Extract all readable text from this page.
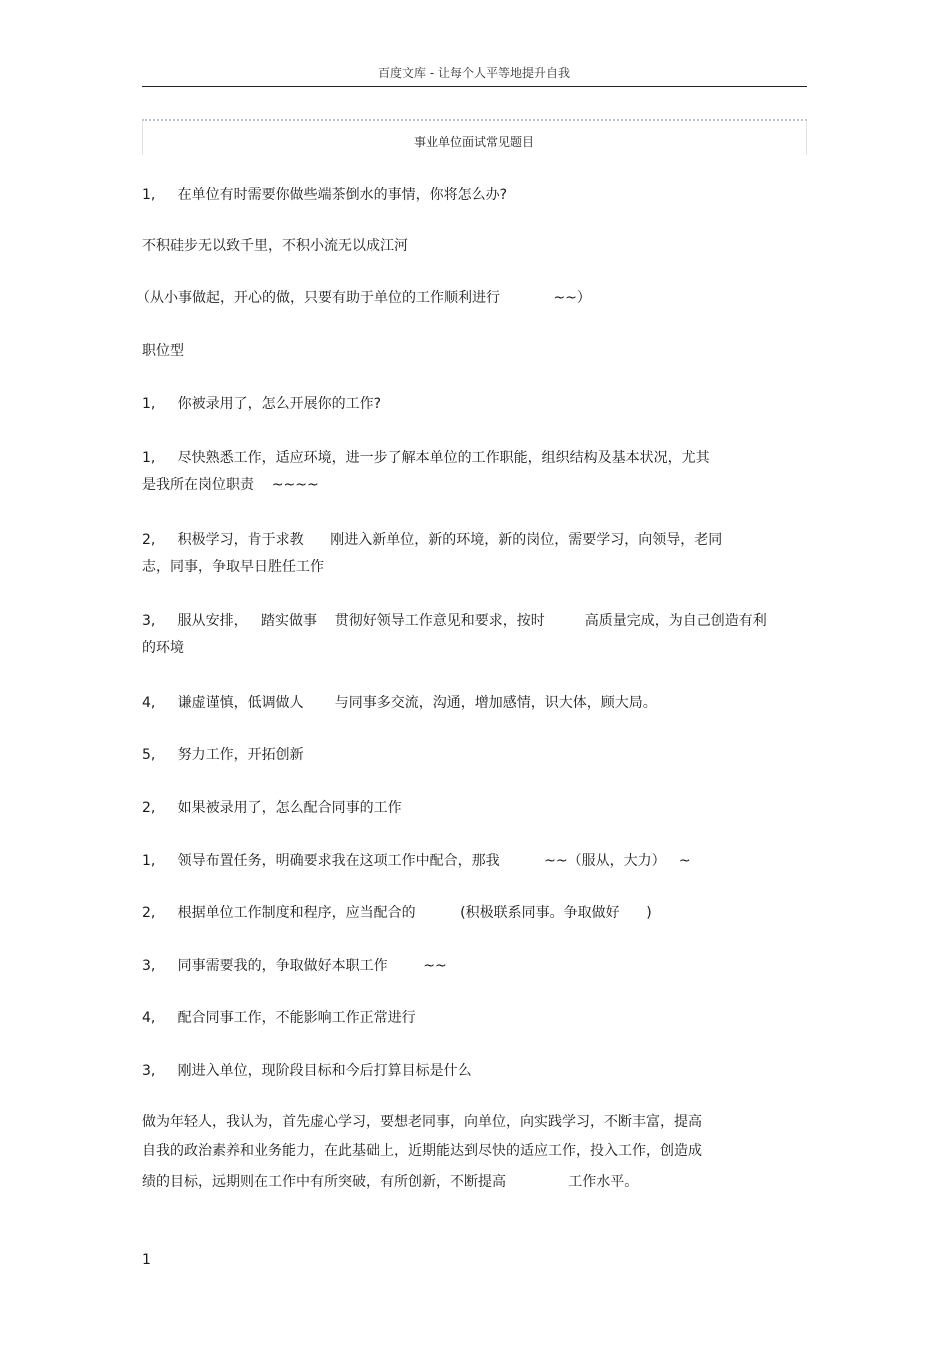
百度文库 - 让每个人平等地提升自我
事业单位面试常见题目
1,     在单位有时需要你做些端茶倒水的事情，你将怎么办?
不积硅步无以致千里，不积小流无以成江河
（从小事做起，开心的做，只要有助于单位的工作顺利进行            ~~）
职位型
1,     你被录用了，怎么开展你的工作?
1,     尽快熟悉工作，适应环境，进一步了解本单位的工作职能，组织结构及基本状况，尤其
是我所在岗位职责    ~~~~
2,     积极学习，肯于求教      刚进入新单位，新的环境，新的岗位，需要学习，向领导，老同
志，同事，争取早日胜任工作
3,     服从安排，   踏实做事    贯彻好领导工作意见和要求，按时         高质量完成，为自己创造有利
的环境
4,     谦虚谨慎，低调做人       与同事多交流，沟通，增加感情，识大体，顾大局。
5,     努力工作，开拓创新
2,     如果被录用了，怎么配合同事的工作
1,     领导布置任务，明确要求我在这项工作中配合，那我          ~~（服从，大力）   ~
2,     根据单位工作制度和程序，应当配合的          (积极联系同事。争取做好      )
3,     同事需要我的，争取做好本职工作        ~~
4,     配合同事工作，不能影响工作正常进行
3,     刚进入单位，现阶段目标和今后打算目标是什么
做为年轻人，我认为，首先虚心学习，要想老同事，向单位，向实践学习，不断丰富，提高
自我的政治素养和业务能力，在此基础上，近期能达到尽快的适应工作，投入工作，创造成
绩的目标，远期则在工作中有所突破，有所创新，不断提高              工作水平。
1
